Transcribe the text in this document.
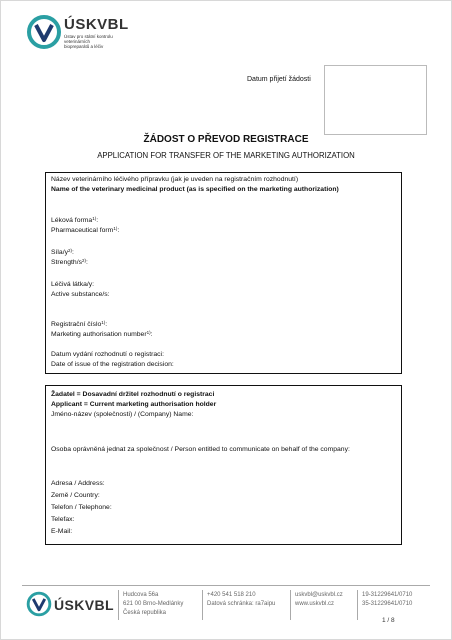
ÚSKVBL
Ústav pro státní kontrolu
veterinárních
biopreparátů a léčiv
Datum přijetí žádosti
ŽÁDOST O PŘEVOD REGISTRACE
APPLICATION FOR TRANSFER OF THE MARKETING AUTHORIZATION
Název veterinárního léčivého přípravku (jak je uveden na registračním rozhodnutí)
Name of the veterinary medicinal product (as is specified on the marketing authorization)
Léková forma$^{1)}$:
Pharmaceutical form$^{1)}$:
Síla/$y^{2)}$:
Strength/$s^{2)}$:
Léčivá látka/y:
Active substance/s:
Registrační číslo$^{1)}$:
Marketing authorisation number$^{1)}$:
Datum vydání rozhodnutí o registraci:
Date of issue of the registration decision:
Žadatel = Dosavadní držitel rozhodnutí o registraci
Applicant = Current marketing authorisation holder
Jméno-název (společnosti) / (Company) Name:
Osoba oprávněná jednat za společnost / Person entitled to communicate on behalf of the company:
Adresa / Address:
Země / Country:
Telefon / Telephone:
Telefax:
E-Mail:
ÚSKVBL
Hudcova 56a
621 00 Brno-Medlánky
Česká republika
+420 541 518 210
Datová schránka: ra7aipu
uskvbl@uskvbl.cz
www.uskvbl.cz
19-31229641/0710
35-31229641/0710
1 / 8
